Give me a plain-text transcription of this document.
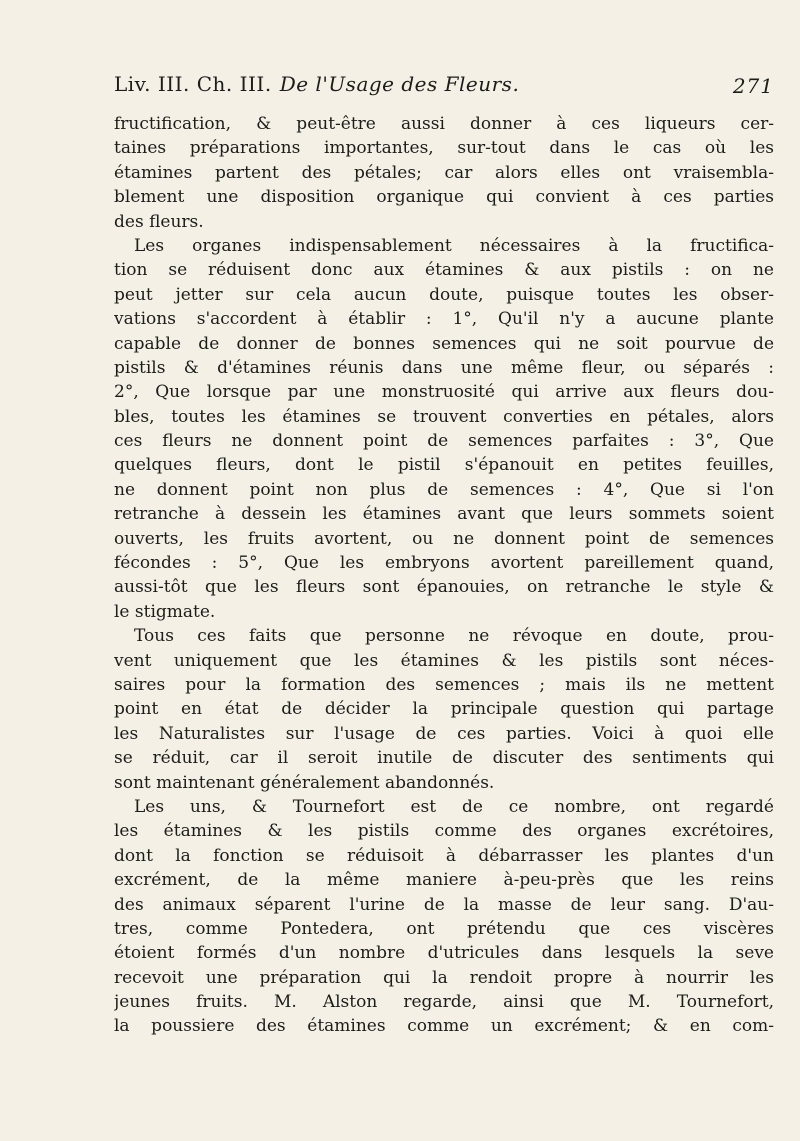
Liv. III. Ch. III. De l'Usage des Fleurs.	271
fructification, & peut-être aussi donner à ces liqueurs cer-
taines préparations importantes, sur-tout dans le cas où les
étamines partent des pétales; car alors elles ont vraisembla-
blement une disposition organique qui convient à ces parties
des fleurs.
Les organes indispensablement nécessaires à la fructifica-
tion se réduisent donc aux étamines & aux pistils : on ne
peut jetter sur cela aucun doute, puisque toutes les obser-
vations s'accordent à établir : 1°, Qu'il n'y a aucune plante
capable de donner de bonnes semences qui ne soit pourvue de
pistils & d'étamines réunis dans une même fleur, ou séparés :
2°, Que lorsque par une monstruosité qui arrive aux fleurs dou-
bles, toutes les étamines se trouvent converties en pétales, alors
ces fleurs ne donnent point de semences parfaites : 3°, Que
quelques fleurs, dont le pistil s'épanouit en petites feuilles,
ne donnent point non plus de semences : 4°, Que si l'on
retranche à dessein les étamines avant que leurs sommets soient
ouverts, les fruits avortent, ou ne donnent point de semences
fécondes : 5°, Que les embryons avortent pareillement quand,
aussi-tôt que les fleurs sont épanouies, on retranche le style &
le stigmate.
Tous ces faits que personne ne révoque en doute, prou-
vent uniquement que les étamines & les pistils sont néces-
saires pour la formation des semences ; mais ils ne mettent
point en état de décider la principale question qui partage
les Naturalistes sur l'usage de ces parties. Voici à quoi elle
se réduit, car il seroit inutile de discuter des sentiments qui
sont maintenant généralement abandonnés.
Les uns, & Tournefort est de ce nombre, ont regardé
les étamines & les pistils comme des organes excrétoires,
dont la fonction se réduisoit à débarrasser les plantes d'un
excrément, de la même maniere à-peu-près que les reins
des animaux séparent l'urine de la masse de leur sang. D'au-
tres, comme Pontedera, ont prétendu que ces viscères
étoient formés d'un nombre d'utricules dans lesquels la seve
recevoit une préparation qui la rendoit propre à nourrir les
jeunes fruits. M. Alston regarde, ainsi que M. Tournefort,
la poussiere des étamines comme un excrément; & en com-
